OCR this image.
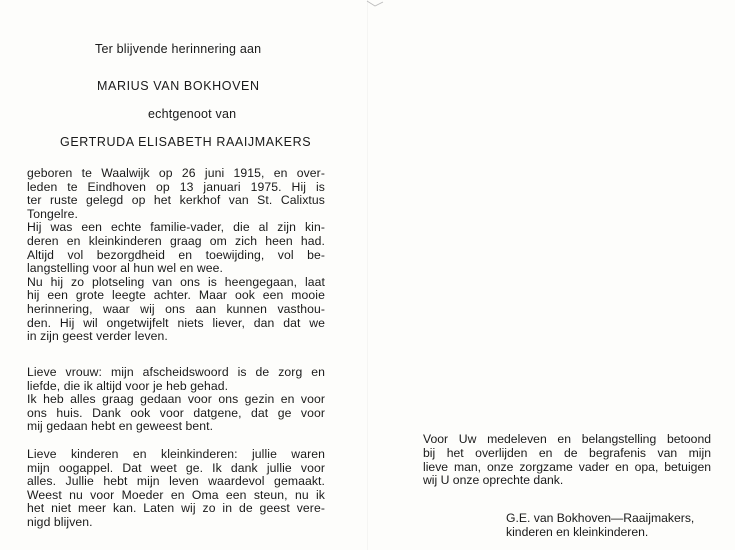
Ter blijvende herinnering aan
MARIUS VAN BOKHOVEN
echtgenoot van
GERTRUDA ELISABETH RAAIJMAKERS
geboren te Waalwijk op 26 juni 1915, en over-
leden te Eindhoven op 13 januari 1975. Hij is
ter ruste gelegd op het kerkhof van St. Calixtus
Tongelre.
Hij was een echte familie-vader, die al zijn kin-
deren en kleinkinderen graag om zich heen had.
Altijd vol bezorgdheid en toewijding, vol be-
langstelling voor al hun wel en wee.
Nu hij zo plotseling van ons is heengegaan, laat
hij een grote leegte achter. Maar ook een mooie
herinnering, waar wij ons aan kunnen vasthou-
den. Hij wil ongetwijfelt niets liever, dan dat we
in zijn geest verder leven.
Lieve vrouw: mijn afscheidswoord is de zorg en
liefde, die ik altijd voor je heb gehad.
Ik heb alles graag gedaan voor ons gezin en voor
ons huis. Dank ook voor datgene, dat ge voor
mij gedaan hebt en geweest bent.
Lieve kinderen en kleinkinderen: jullie waren
mijn oogappel. Dat weet ge. Ik dank jullie voor
alles. Jullie hebt mijn leven waardevol gemaakt.
Weest nu voor Moeder en Oma een steun, nu ik
het niet meer kan. Laten wij zo in de geest vere-
nigd blijven.
Voor Uw medeleven en belangstelling betoond
bij het overlijden en de begrafenis van mijn
lieve man, onze zorgzame vader en opa, betuigen
wij U onze oprechte dank.
G.E. van Bokhoven—Raaijmakers,
kinderen en kleinkinderen.
